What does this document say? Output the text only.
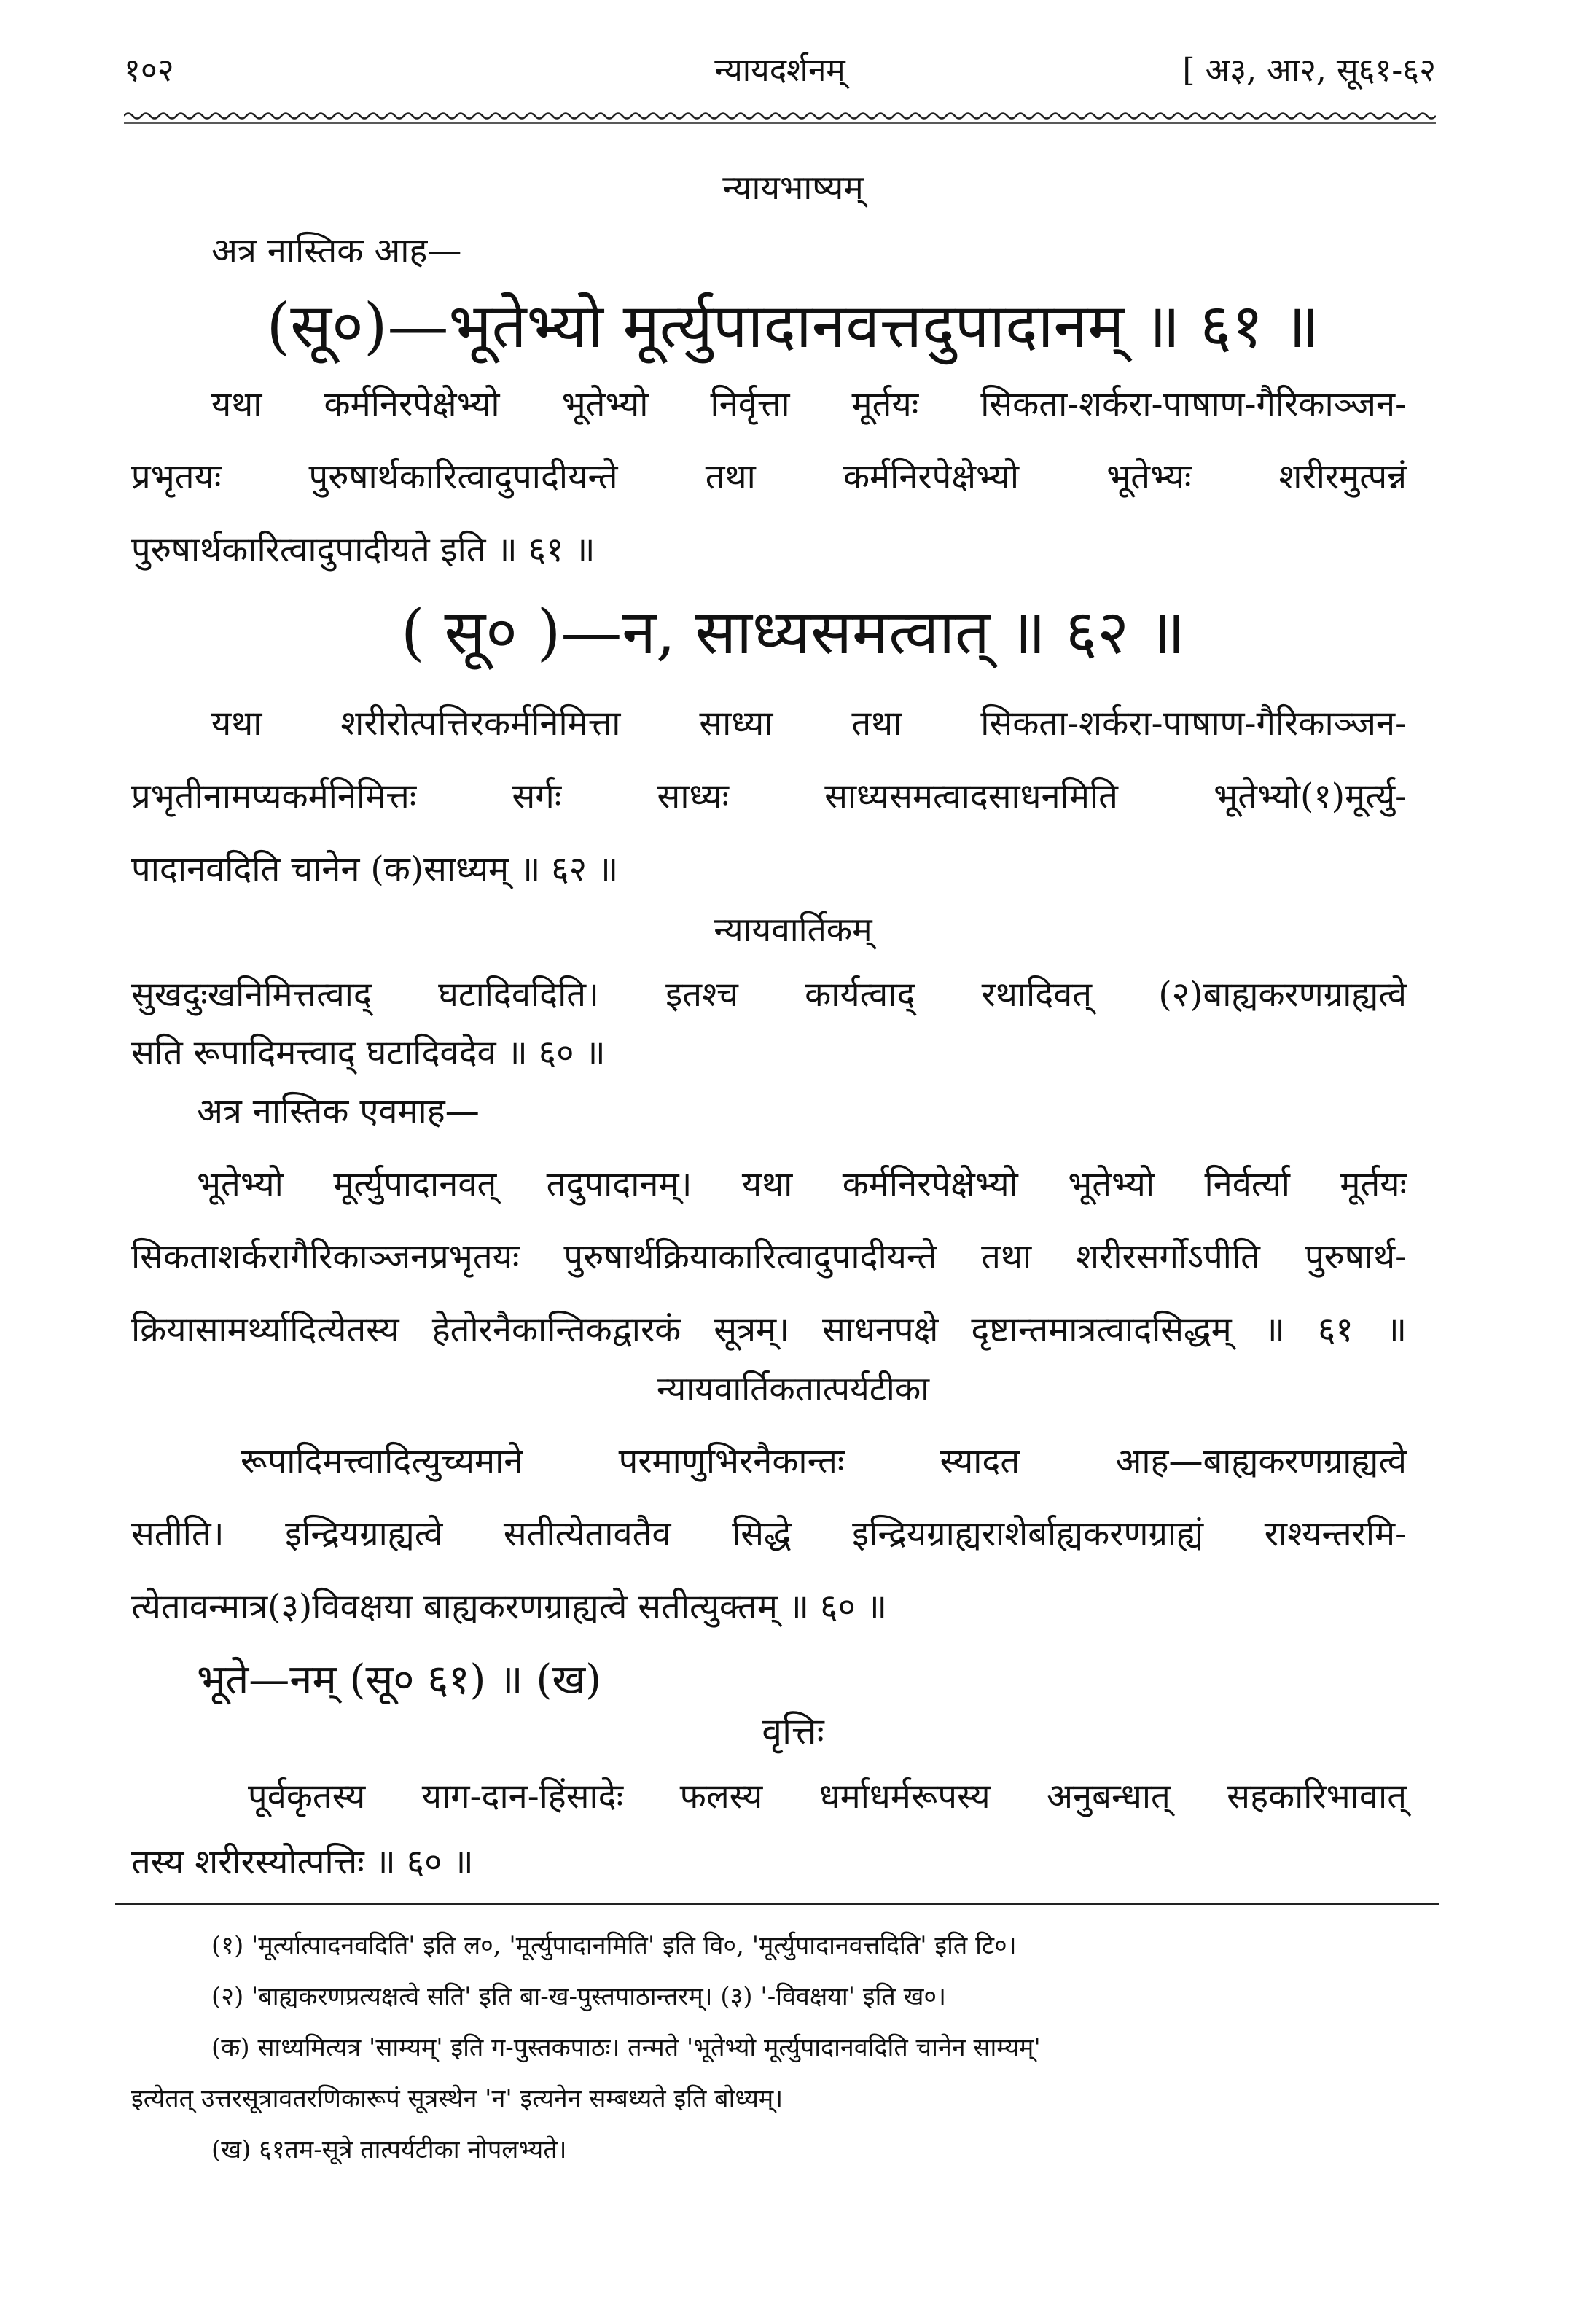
१०२	न्यायदर्शनम्	[ अ३, आ२, सू६१-६२
न्यायभाष्यम्
अत्र नास्तिक आह—
(सू०)—भूतेभ्यो मूर्त्युपादानवत्तदुपादानम् ॥ ६१ ॥
यथा कर्मनिरपेक्षेभ्यो भूतेभ्यो निर्वृत्ता मूर्तयः सिकता-शर्करा-पाषाण-गैरिकाञ्जन-
प्रभृतयः पुरुषार्थकारित्वादुपादीयन्ते तथा कर्मनिरपेक्षेभ्यो भूतेभ्यः शरीरमुत्पन्नं
पुरुषार्थकारित्वादुपादीयते इति ॥ ६१ ॥
( सू० )—न, साध्यसमत्वात् ॥ ६२ ॥
यथा शरीरोत्पत्तिरकर्मनिमित्ता साध्या तथा सिकता-शर्करा-पाषाण-गैरिकाञ्जन-
प्रभृतीनामप्यकर्मनिमित्तः सर्गः साध्यः साध्यसमत्वादसाधनमिति भूतेभ्यो(१)मूर्त्यु-
पादानवदिति चानेन (क)साध्यम् ॥ ६२ ॥
न्यायवार्तिकम्
सुखदुःखनिमित्तत्वाद् घटादिवदिति। इतश्च कार्यत्वाद् रथादिवत् (२)बाह्यकरणग्राह्यत्वे
सति रूपादिमत्त्वाद् घटादिवदेव ॥ ६० ॥
अत्र नास्तिक एवमाह—
भूतेभ्यो मूर्त्युपादानवत् तदुपादानम्। यथा कर्मनिरपेक्षेभ्यो भूतेभ्यो निर्वर्त्या मूर्तयः
सिकताशर्करागैरिकाञ्जनप्रभृतयः पुरुषार्थक्रियाकारित्वादुपादीयन्ते तथा शरीरसर्गोऽपीति पुरुषार्थ-
क्रियासामर्थ्यादित्येतस्य हेतोरनैकान्तिकद्वारकं सूत्रम्। साधनपक्षे दृष्टान्तमात्रत्वादसिद्धम् ॥ ६१ ॥
न्यायवार्तिकतात्पर्यटीका
रूपादिमत्त्वादित्युच्यमाने परमाणुभिरनैकान्तः स्यादत आह—बाह्यकरणग्राह्यत्वे
सतीति। इन्द्रियग्राह्यत्वे सतीत्येतावतैव सिद्धे इन्द्रियग्राह्यराशेर्बाह्यकरणग्राह्यं राश्यन्तरमि-
त्येतावन्मात्र(३)विवक्षया बाह्यकरणग्राह्यत्वे सतीत्युक्तम् ॥ ६० ॥
भूते—नम् (सू० ६१) ॥ (ख)
वृत्तिः
पूर्वकृतस्य याग-दान-हिंसादेः फलस्य धर्माधर्मरूपस्य अनुबन्धात् सहकारिभावात्
तस्य शरीरस्योत्पत्तिः ॥ ६० ॥
(१) 'मूर्त्यात्पादनवदिति' इति ल०, 'मूर्त्युपादानमिति' इति वि०, 'मूर्त्युपादानवत्तदिति' इति टि०।
(२) 'बाह्यकरणप्रत्यक्षत्वे सति' इति बा-ख-पुस्तपाठान्तरम्। (३) '-विवक्षया' इति ख०।
(क) साध्यमित्यत्र 'साम्यम्' इति ग-पुस्तकपाठः। तन्मते 'भूतेभ्यो मूर्त्युपादानवदिति चानेन साम्यम्'
इत्येतत् उत्तरसूत्रावतरणिकारूपं सूत्रस्थेन 'न' इत्यनेन सम्बध्यते इति बोध्यम्।
(ख) ६१तम-सूत्रे तात्पर्यटीका नोपलभ्यते।
